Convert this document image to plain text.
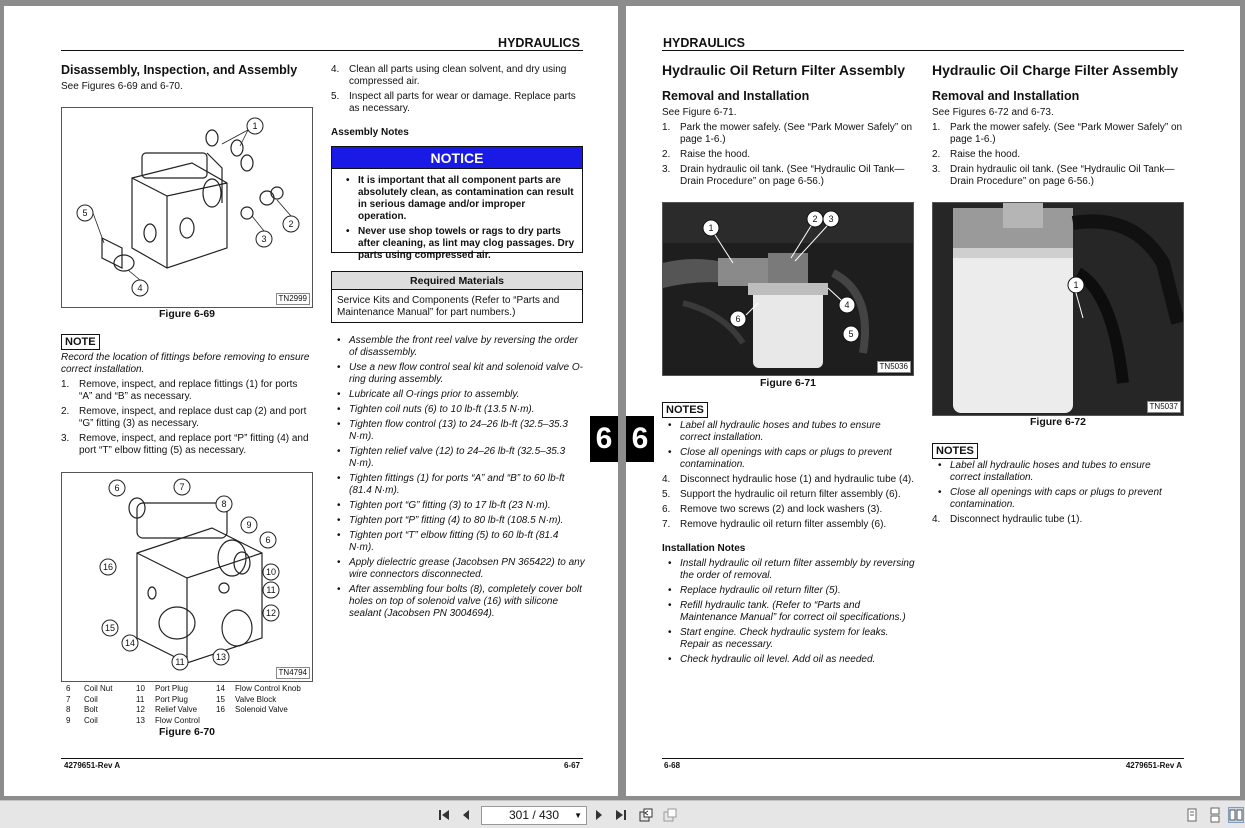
HYDRAULICS
Disassembly, Inspection, and Assembly
See Figures 6-69 and 6-70.
1
2
3
4
5
TN2999
Figure 6-69
NOTE
Record the location of fittings before removing to ensure correct installation.
1. Remove, inspect, and replace fittings (1) for ports “A” and “B” as necessary.
2. Remove, inspect, and replace dust cap (2) and port “G” fitting (3) as necessary.
3. Remove, inspect, and replace port “P” fitting (4) and port “T” elbow fitting (5) as necessary.
6	7
8
9
6
10
11
12
16
15
14
11	13
TN4794
6 Coil Nut
7 Coil
8 Bolt
9 Coil
10 Port Plug
11 Port Plug
12 Relief Valve
13 Flow Control
14 Flow Control Knob
15 Valve Block
16 Solenoid Valve
Figure 6-70
4. Clean all parts using clean solvent, and dry using compressed air.
5. Inspect all parts for wear or damage. Replace parts as necessary.
Assembly Notes
NOTICE
• It is important that all component parts are absolutely clean, as contamination can result in serious damage and/or improper operation.
• Never use shop towels or rags to dry parts after cleaning, as lint may clog passages. Dry parts using compressed air.
Required Materials
Service Kits and Components (Refer to “Parts and Maintenance Manual” for part numbers.)
• Assemble the front reel valve by reversing the order of disassembly.
• Use a new flow control seal kit and solenoid valve O-ring during assembly.
• Lubricate all O-rings prior to assembly.
• Tighten coil nuts (6) to 10 lb-ft (13.5 N·m).
• Tighten flow control (13) to 24–26 lb-ft (32.5–35.3 N·m).
• Tighten relief valve (12) to 24–26 lb-ft (32.5–35.3 N·m).
• Tighten fittings (1) for ports “A” and “B” to 60 lb-ft (81.4 N·m).
• Tighten port “G” fitting (3) to 17 lb-ft (23 N·m).
• Tighten port “P” fitting (4) to 80 lb-ft (108.5 N·m).
• Tighten port “T” elbow fitting (5) to 60 lb-ft (81.4 N·m).
• Apply dielectric grease (Jacobsen PN 365422) to any wire connectors disconnected.
• After assembling four bolts (8), completely cover bolt holes on top of solenoid valve (16) with silicone sealant (Jacobsen PN 3004694).
4279651-Rev A	6-67
6 6
HYDRAULICS
Hydraulic Oil Return Filter Assembly
Removal and Installation
See Figure 6-71.
1. Park the mower safely. (See “Park Mower Safely” on page 1-6.)
2. Raise the hood.
3. Drain hydraulic oil tank. (See “Hydraulic Oil Tank—Drain Procedure” on page 6-56.)
1
2 3
4
6
5
TN5036
Figure 6-71
NOTES
• Label all hydraulic hoses and tubes to ensure correct installation.
• Close all openings with caps or plugs to prevent contamination.
4. Disconnect hydraulic hose (1) and hydraulic tube (4).
5. Support the hydraulic oil return filter assembly (6).
6. Remove two screws (2) and lock washers (3).
7. Remove hydraulic oil return filter assembly (6).
Installation Notes
• Install hydraulic oil return filter assembly by reversing the order of removal.
• Replace hydraulic oil return filter (5).
• Refill hydraulic tank. (Refer to “Parts and Maintenance Manual” for correct oil specifications.)
• Start engine. Check hydraulic system for leaks. Repair as necessary.
• Check hydraulic oil level. Add oil as needed.
Hydraulic Oil Charge Filter Assembly
Removal and Installation
See Figures 6-72 and 6-73.
1. Park the mower safely. (See “Park Mower Safely” on page 1-6.)
2. Raise the hood.
3. Drain hydraulic oil tank. (See “Hydraulic Oil Tank—Drain Procedure” on page 6-56.)
1
TN5037
Figure 6-72
NOTES
• Label all hydraulic hoses and tubes to ensure correct installation.
• Close all openings with caps or plugs to prevent contamination.
4. Disconnect hydraulic tube (1).
6-68	4279651-Rev A
301 / 430 ▼
